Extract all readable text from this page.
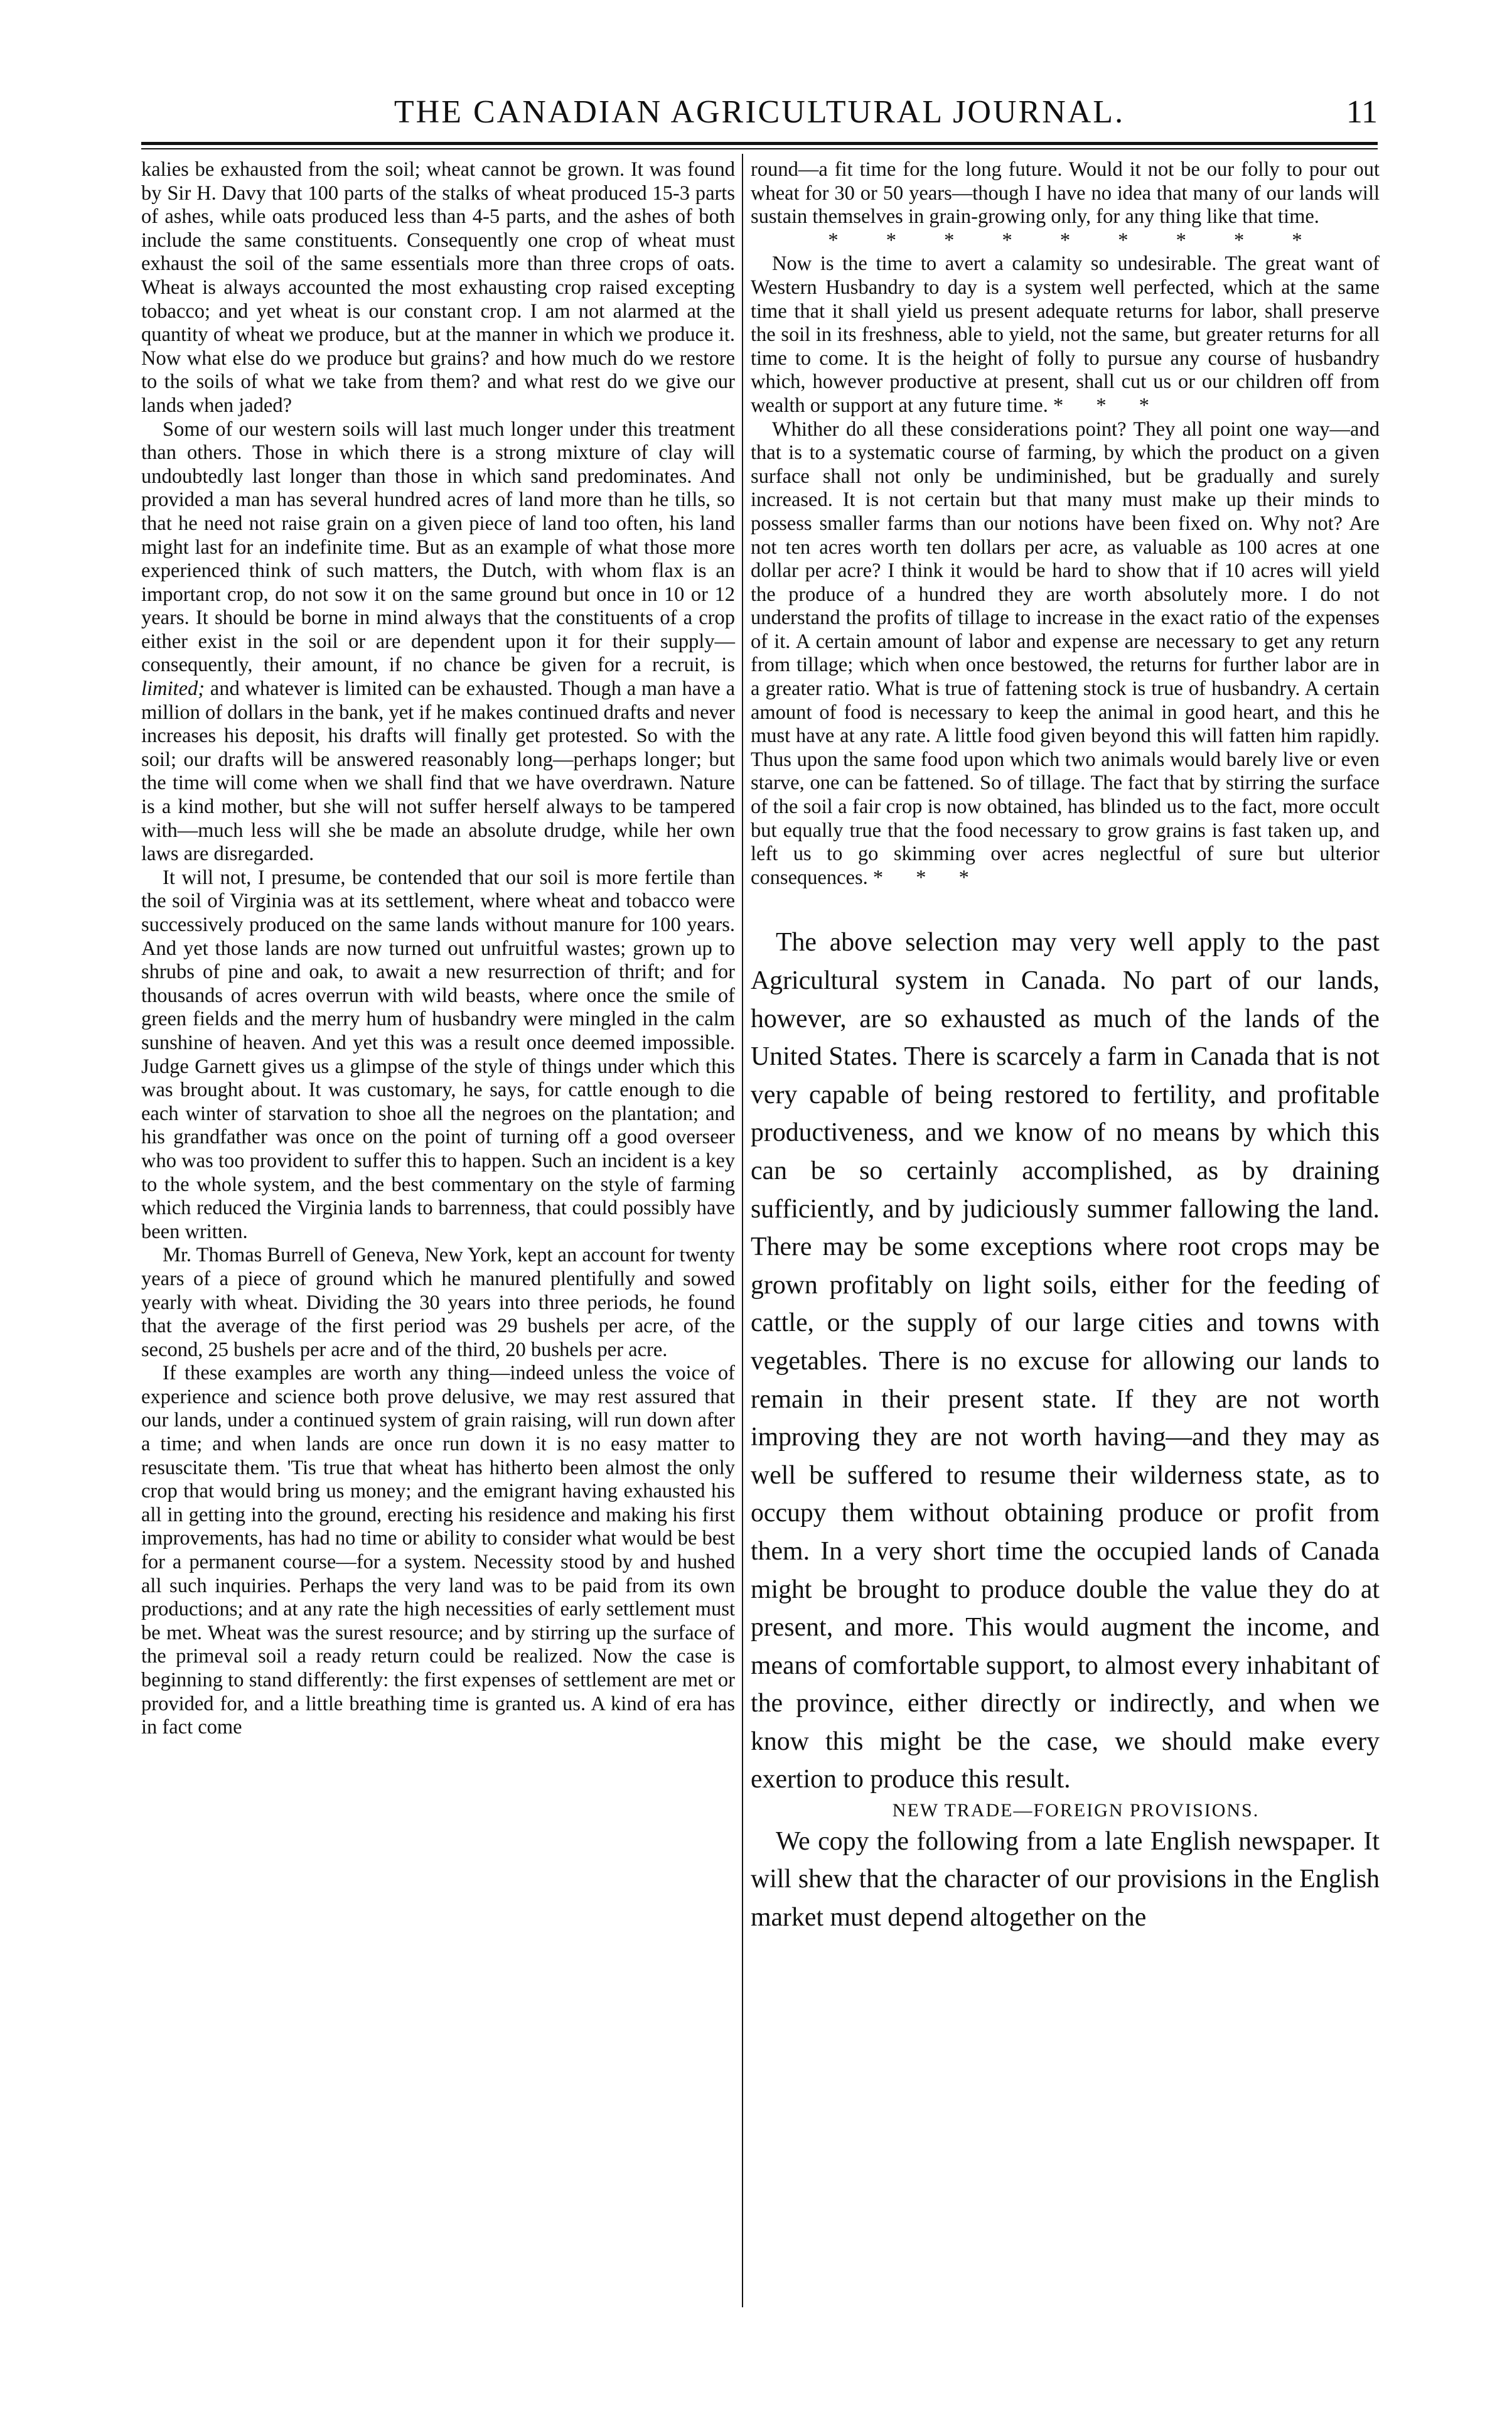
THE CANADIAN AGRICULTURAL JOURNAL.	11

kalies be exhausted from the soil; wheat cannot be grown. It was found by Sir H. Davy that 100 parts of the stalks of wheat produced 15-3 parts of ashes, while oats produced less than 4-5 parts, and the ashes of both include the same constituents. Consequently one crop of wheat must exhaust the soil of the same essentials more than three crops of oats. Wheat is always accounted the most exhausting crop raised excepting tobacco; and yet wheat is our constant crop. I am not alarmed at the quantity of wheat we produce, but at the manner in which we produce it. Now what else do we produce but grains? and how much do we restore to the soils of what we take from them? and what rest do we give our lands when jaded?

Some of our western soils will last much longer under this treatment than others. Those in which there is a strong mixture of clay will undoubtedly last longer than those in which sand predominates. And provided a man has several hundred acres of land more than he tills, so that he need not raise grain on a given piece of land too often, his land might last for an indefinite time. But as an example of what those more experienced think of such matters, the Dutch, with whom flax is an important crop, do not sow it on the same ground but once in 10 or 12 years. It should be borne in mind always that the constituents of a crop either exist in the soil or are dependent upon it for their supply—consequently, their amount, if no chance be given for a recruit, is limited; and whatever is limited can be exhausted. Though a man have a million of dollars in the bank, yet if he makes continued drafts and never increases his deposit, his drafts will finally get protested. So with the soil; our drafts will be answered reasonably long—perhaps longer; but the time will come when we shall find that we have overdrawn. Nature is a kind mother, but she will not suffer herself always to be tampered with—much less will she be made an absolute drudge, while her own laws are disregarded.

It will not, I presume, be contended that our soil is more fertile than the soil of Virginia was at its settlement, where wheat and tobacco were successively produced on the same lands without manure for 100 years. And yet those lands are now turned out unfruitful wastes; grown up to shrubs of pine and oak, to await a new resurrection of thrift; and for thousands of acres overrun with wild beasts, where once the smile of green fields and the merry hum of husbandry were mingled in the calm sunshine of heaven. And yet this was a result once deemed impossible. Judge Garnett gives us a glimpse of the style of things under which this was brought about. It was customary, he says, for cattle enough to die each winter of starvation to shoe all the negroes on the plantation; and his grandfather was once on the point of turning off a good overseer who was too provident to suffer this to happen. Such an incident is a key to the whole system, and the best commentary on the style of farming which reduced the Virginia lands to barrenness, that could possibly have been written.

Mr. Thomas Burrell of Geneva, New York, kept an account for twenty years of a piece of ground which he manured plentifully and sowed yearly with wheat. Dividing the 30 years into three periods, he found that the average of the first period was 29 bushels per acre, of the second, 25 bushels per acre and of the third, 20 bushels per acre.

If these examples are worth any thing—indeed unless the voice of experience and science both prove delusive, we may rest assured that our lands, under a continued system of grain raising, will run down after a time; and when lands are once run down it is no easy matter to resuscitate them. 'Tis true that wheat has hitherto been almost the only crop that would bring us money; and the emigrant having exhausted his all in getting into the ground, erecting his residence and making his first improvements, has had no time or ability to consider what would be best for a permanent course—for a system. Necessity stood by and hushed all such inquiries. Perhaps the very land was to be paid from its own productions; and at any rate the high necessities of early settlement must be met. Wheat was the surest resource; and by stirring up the surface of the primeval soil a ready return could be realized. Now the case is beginning to stand differently: the first expenses of settlement are met or provided for, and a little breathing time is granted us. A kind of era has in fact come

round—a fit time for the long future. Would it not be our folly to pour out wheat for 30 or 50 years—though I have no idea that many of our lands will sustain themselves in grain-growing only, for any thing like that time.

* * * * * * * * *

Now is the time to avert a calamity so undesirable. The great want of Western Husbandry to day is a system well perfected, which at the same time that it shall yield us present adequate returns for labor, shall preserve the soil in its freshness, able to yield, not the same, but greater returns for all time to come. It is the height of folly to pursue any course of husbandry which, however productive at present, shall cut us or our children off from wealth or support at any future time. * * *

Whither do all these considerations point? They all point one way—and that is to a systematic course of farming, by which the product on a given surface shall not only be undiminished, but be gradually and surely increased. It is not certain but that many must make up their minds to possess smaller farms than our notions have been fixed on. Why not? Are not ten acres worth ten dollars per acre, as valuable as 100 acres at one dollar per acre? I think it would be hard to show that if 10 acres will yield the produce of a hundred they are worth absolutely more. I do not understand the profits of tillage to increase in the exact ratio of the expenses of it. A certain amount of labor and expense are necessary to get any return from tillage; which when once bestowed, the returns for further labor are in a greater ratio. What is true of fattening stock is true of husbandry. A certain amount of food is necessary to keep the animal in good heart, and this he must have at any rate. A little food given beyond this will fatten him rapidly. Thus upon the same food upon which two animals would barely live or even starve, one can be fattened. So of tillage. The fact that by stirring the surface of the soil a fair crop is now obtained, has blinded us to the fact, more occult but equally true that the food necessary to grow grains is fast taken up, and left us to go skimming over acres neglectful of sure but ulterior consequences. * * *

The above selection may very well apply to the past Agricultural system in Canada. No part of our lands, however, are so exhausted as much of the lands of the United States. There is scarcely a farm in Canada that is not very capable of being restored to fertility, and profitable productiveness, and we know of no means by which this can be so certainly accomplished, as by draining sufficiently, and by judiciously summer fallowing the land. There may be some exceptions where root crops may be grown profitably on light soils, either for the feeding of cattle, or the supply of our large cities and towns with vegetables. There is no excuse for allowing our lands to remain in their present state. If they are not worth improving they are not worth having—and they may as well be suffered to resume their wilderness state, as to occupy them without obtaining produce or profit from them. In a very short time the occupied lands of Canada might be brought to produce double the value they do at present, and more. This would augment the income, and means of comfortable support, to almost every inhabitant of the province, either directly or indirectly, and when we know this might be the case, we should make every exertion to produce this result.

NEW TRADE—FOREIGN PROVISIONS.

We copy the following from a late English newspaper. It will shew that the character of our provisions in the English market must depend altogether on the
